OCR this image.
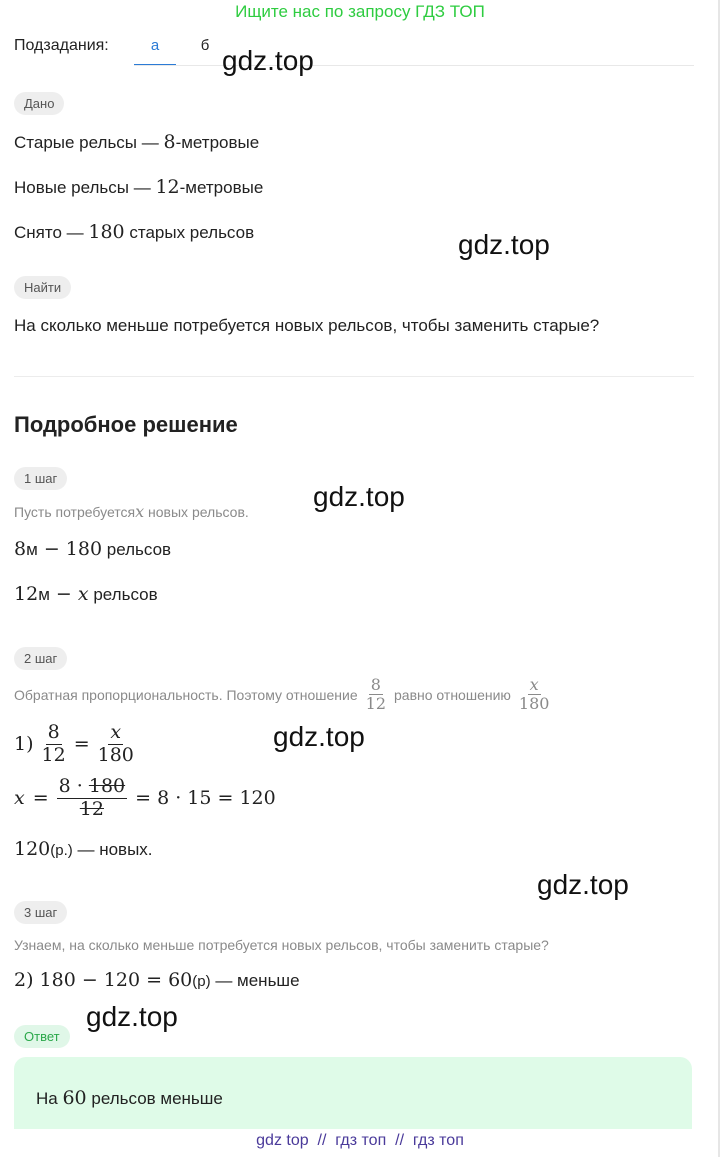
Ищите нас по запросу ГДЗ ТОП
Подзадания:	а	б
Дано
Старые рельсы — 8-метровые
Новые рельсы — 12-метровые
Снято — 180 старых рельсов
Найти
На сколько меньше потребуется новых рельсов, чтобы заменить старые?
Подробное решение
1 шаг
Пусть потребуетсяx новых рельсов.
8м − 180 рельсов
12м − x рельсов
2 шаг
Обратная пропорциональность. Поэтому отношение $\frac{8}{12}$ равно отношению $\frac{x}{180}$
$1) \frac{8}{12} = \frac{x}{180}$
$x = \frac{8 \cdot 180}{12} = 8 \cdot 15 = 120$
120(р.) — новых.
3 шаг
Узнаем, на сколько меньше потребуется новых рельсов, чтобы заменить старые?
2) 180 − 120 = 60(р) — меньше
Ответ
На 60 рельсов меньше
gdz.top
gdz.top
gdz.top
gdz.top
gdz.top
gdz.top
gdz top  //  гдз топ  //  гдз топ
